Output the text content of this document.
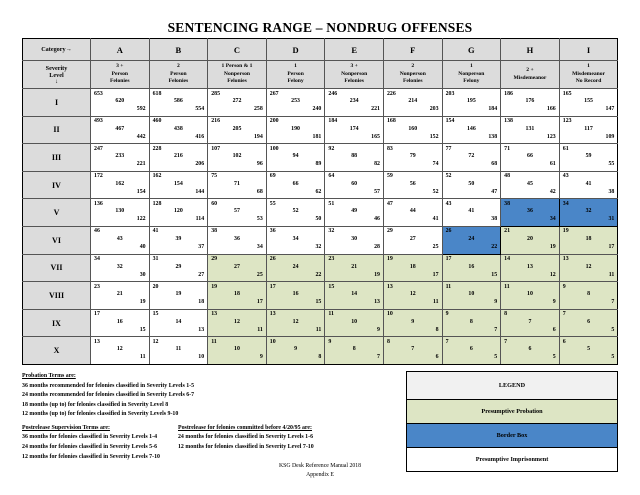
SENTENCING RANGE – NONDRUG OFFENSES
Category→	A	B	C	D	E	F	G	H	I
Severity
Level
↓	3 +
Person
Felonies	2
Person
Felonies	1 Person & 1
Nonperson
Felonies	1
Person
Felony	3 +
Nonperson
Felonies	2
Nonperson
Felonies	1
Nonperson
Felony	2 +
Misdemeanor	1
Misdemeanor
No Record
I	653
620
592	618
586
554	285
272
258	267
253
240	246
234
221	226
214
203	203
195
184	186
176
166	165
155
147

II	493
467
442	460
438
416	216
205
194	200
190
181	184
174
165	168
160
152	154
146
138	138
131
123	123
117
109

III	247
233
221	228
216
206	107
102
96	100
94
89	92
88
82	83
79
74	77
72
68	71
66
61	61
59
55

IV	172
162
154	162
154
144	75
71
68	69
66
62	64
60
57	59
56
52	52
50
47	48
45
42	43
41
38

V	136
130
122	128
120
114	60
57
53	55
52
50	51
49
46	47
44
41	43
41
38	38
36
34	34
32
31

VI	46
43
40	41
39
37	38
36
34	36
34
32	32
30
28	29
27
25	26
24
22	21
20
19	19
18
17

VII	34
32
30	31
29
27	29
27
25	26
24
22	23
21
19	19
18
17	17
16
15	14
13
12	13
12
11

VIII	23
21
19	20
19
18	19
18
17	17
16
15	15
14
13	13
12
11	11
10
9	11
10
9	9
8
7

IX	17
16
15	15
14
13	13
12
11	13
12
11	11
10
9	10
9
8	9
8
7	8
7
6	7
6
5

X	13
12
11	12
11
10	11
10
9	10
9
8	9
8
7	8
7
6	7
6
5	7
6
5	6
5
5
Probation Terms are:
36 months recommended for felonies classified in Severity Levels 1-5
24 months recommended for felonies classified in Severity Levels 6-7
18 months (up to) for felonies classified in Severity Level 8
12 months (up to) for felonies classified in Severity Levels 9-10
Postrelease Supervision Terms are:
36 months for felonies classified in Severity Levels 1-4
24 months for felonies classified in Severity Levels 5-6
12 months for felonies classified in Severity Levels 7-10
Postrelease for felonies committed before 4/20/95 are:
24 months for felonies classified in Severity Levels 1-6
12 months for felonies classified in Severity Level 7-10
LEGEND
Presumptive Probation
Border Box
Presumptive Imprisonment
KSG Desk Reference Manual 2018
Appendix E
